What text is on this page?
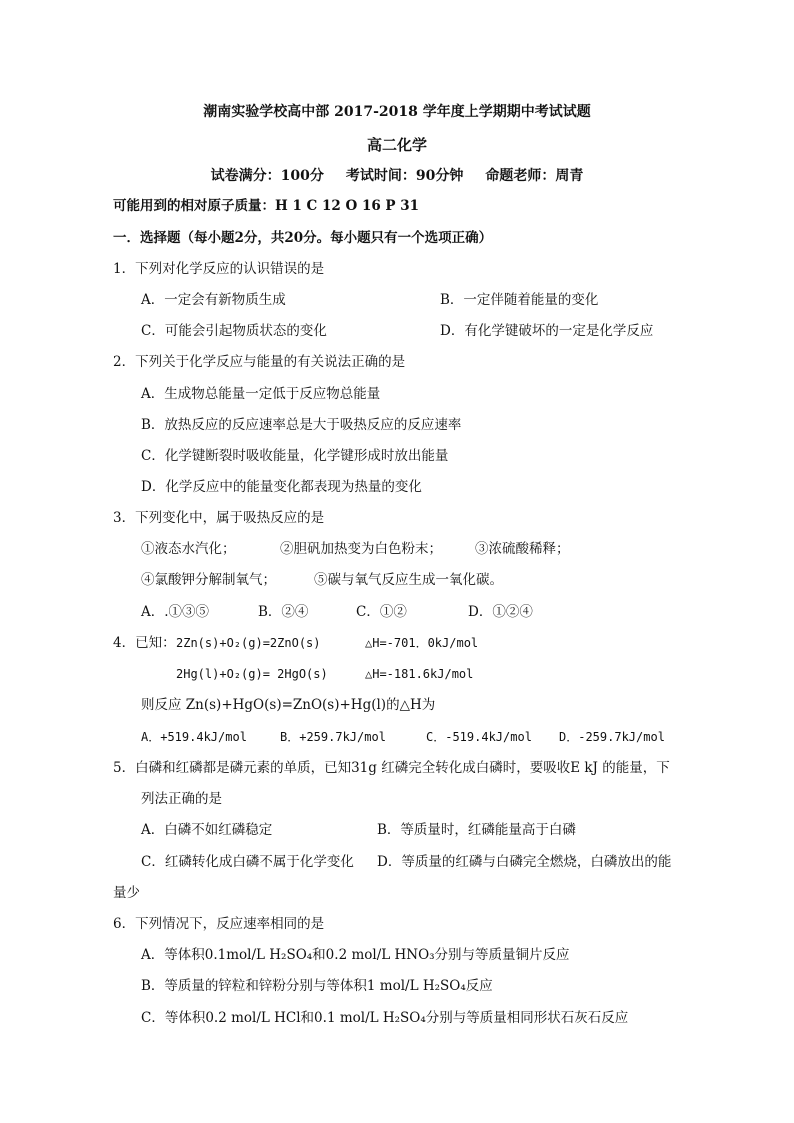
潮南实验学校高中部 2017-2018 学年度上学期期中考试试题
高二化学
试卷满分：100分 考试时间：90分钟 命题老师：周青
可能用到的相对原子质量：H 1 C 12 O 16 P 31
一．选择题（每小题2分，共20分。每小题只有一个选项正确）
1．下列对化学反应的认识错误的是
A．一定会有新物质生成	B．一定伴随着能量的变化
C．可能会引起物质状态的变化	D．有化学键破坏的一定是化学反应
2．下列关于化学反应与能量的有关说法正确的是
A．生成物总能量一定低于反应物总能量
B．放热反应的反应速率总是大于吸热反应的反应速率
C．化学键断裂时吸收能量，化学键形成时放出能量
D．化学反应中的能量变化都表现为热量的变化
3．下列变化中，属于吸热反应的是
①液态水汽化；	②胆矾加热变为白色粉末； ③浓硫酸稀释；
④氯酸钾分解制氧气；	⑤碳与氧气反应生成一氧化碳。
A．.①③⑤	B．②④	C．①②	D．①②④
4．已知： 2Zn(s)+O₂(g)=2ZnO(s)	△H=-701．0kJ/mol
2Hg(l)+O₂(g)= 2HgO(s)	△H=-181.6kJ/mol
则反应 Zn(s)+HgO(s)=ZnO(s)+Hg(l)的△H为
A．+519.4kJ/mol	B．+259.7kJ/mol	C．-519.4kJ/mol D．-259.7kJ/mol
5．白磷和红磷都是磷元素的单质，已知31g 红磷完全转化成白磷时，要吸收E kJ 的能量，下
列法正确的是
A．白磷不如红磷稳定	B．等质量时，红磷能量高于白磷
C．红磷转化成白磷不属于化学变化 D．等质量的红磷与白磷完全燃烧，白磷放出的能
量少
6．下列情况下，反应速率相同的是
A．等体积0.1mol/L H₂SO₄和0.2 mol/L HNO₃分别与等质量铜片反应
B．等质量的锌粒和锌粉分别与等体积1 mol/L H₂SO₄反应
C．等体积0.2 mol/L HCl和0.1 mol/L H₂SO₄分别与等质量相同形状石灰石反应
